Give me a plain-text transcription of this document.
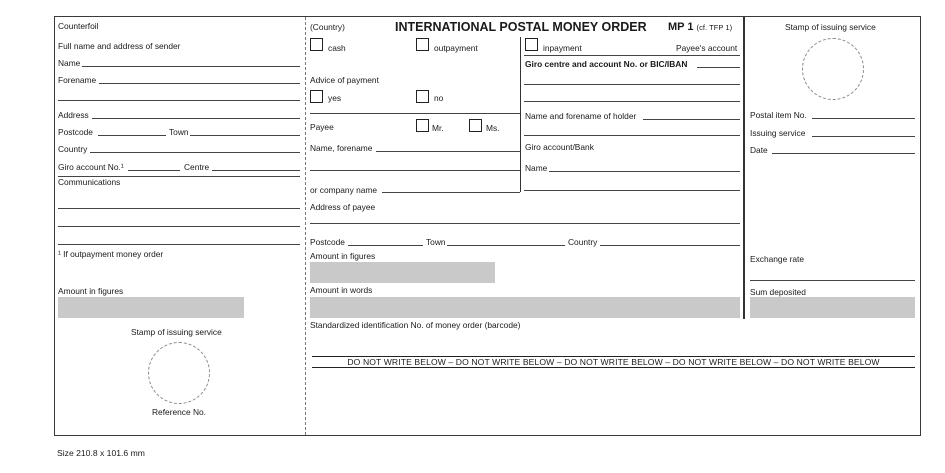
Counterfoil
Full name and address of sender
Name
Forename
Address
Postcode	Town
Country
Giro account No.¹	Centre
Communications
¹ If outpayment money order
Amount in figures
Stamp of issuing service
Reference No.
(Country)	INTERNATIONAL POSTAL MONEY ORDER MP 1 (cf. TFP 1)
cash	outpayment	inpayment	Payee's account
Advice of payment
yes	no
Payee	Mr.	Ms.
Name, forename
or company name
Address of payee
Postcode	Town	Country
Amount in figures
Amount in words
Standardized identification No. of money order (barcode)
Giro centre and account No. or BIC/IBAN
Name and forename of holder
Giro account/Bank
Name
Stamp of issuing service
Postal item No.
Issuing service
Date
Exchange rate
Sum deposited
DO NOT WRITE BELOW – DO NOT WRITE BELOW – DO NOT WRITE BELOW – DO NOT WRITE BELOW – DO NOT WRITE BELOW
Size 210.8 x 101.6 mm
